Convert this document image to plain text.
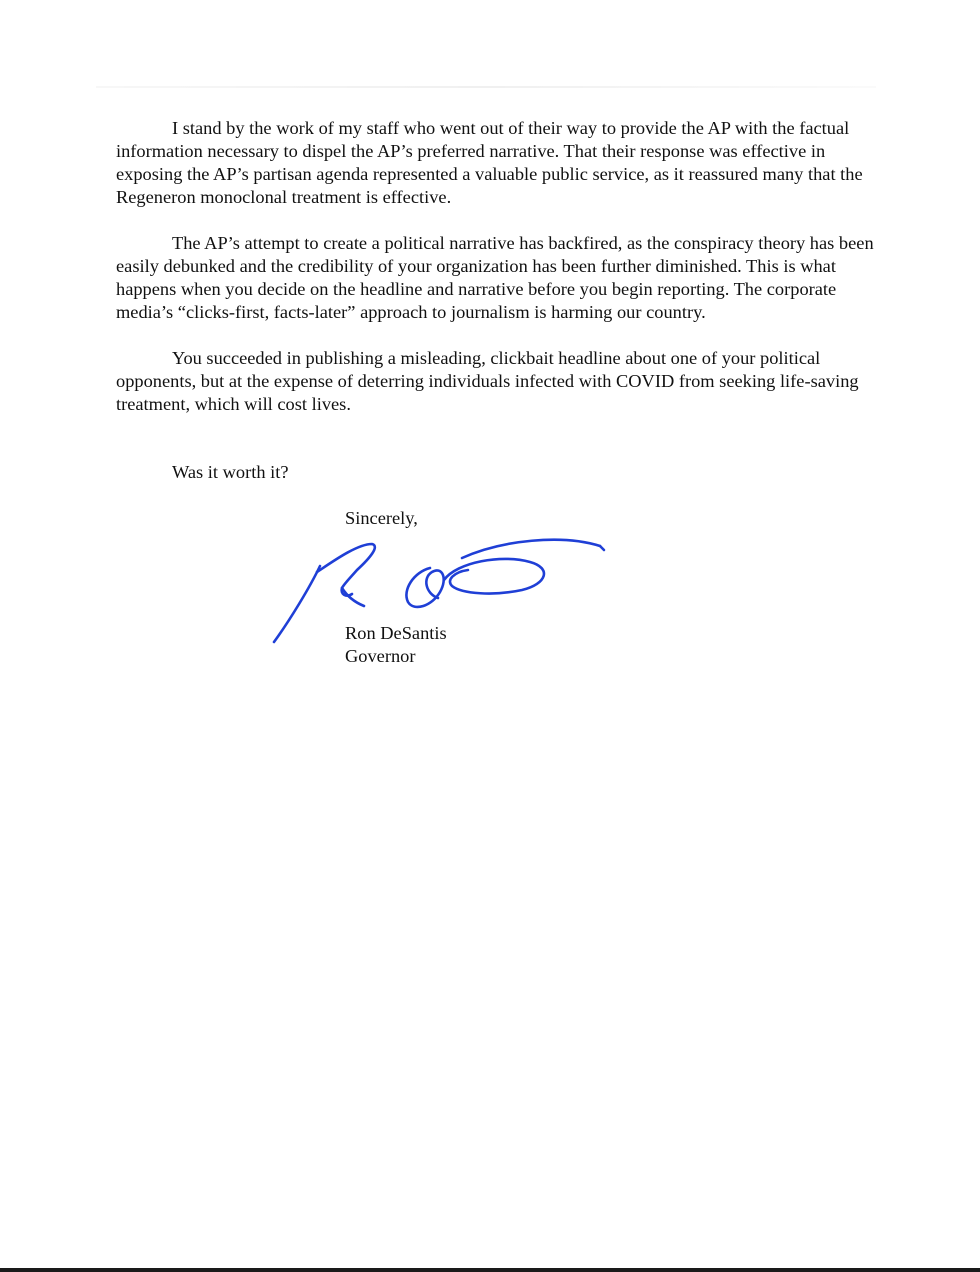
I stand by the work of my staff who went out of their way to provide the AP with the factual information necessary to dispel the AP’s preferred narrative. That their response was effective in exposing the AP’s partisan agenda represented a valuable public service, as it reassured many that the Regeneron monoclonal treatment is effective.

The AP’s attempt to create a political narrative has backfired, as the conspiracy theory has been easily debunked and the credibility of your organization has been further diminished. This is what happens when you decide on the headline and narrative before you begin reporting. The corporate media’s “clicks-first, facts-later” approach to journalism is harming our country.

You succeeded in publishing a misleading, clickbait headline about one of your political opponents, but at the expense of deterring individuals infected with COVID from seeking life-saving treatment, which will cost lives.

Was it worth it?

Sincerely,

Ron DeSantis
Governor
